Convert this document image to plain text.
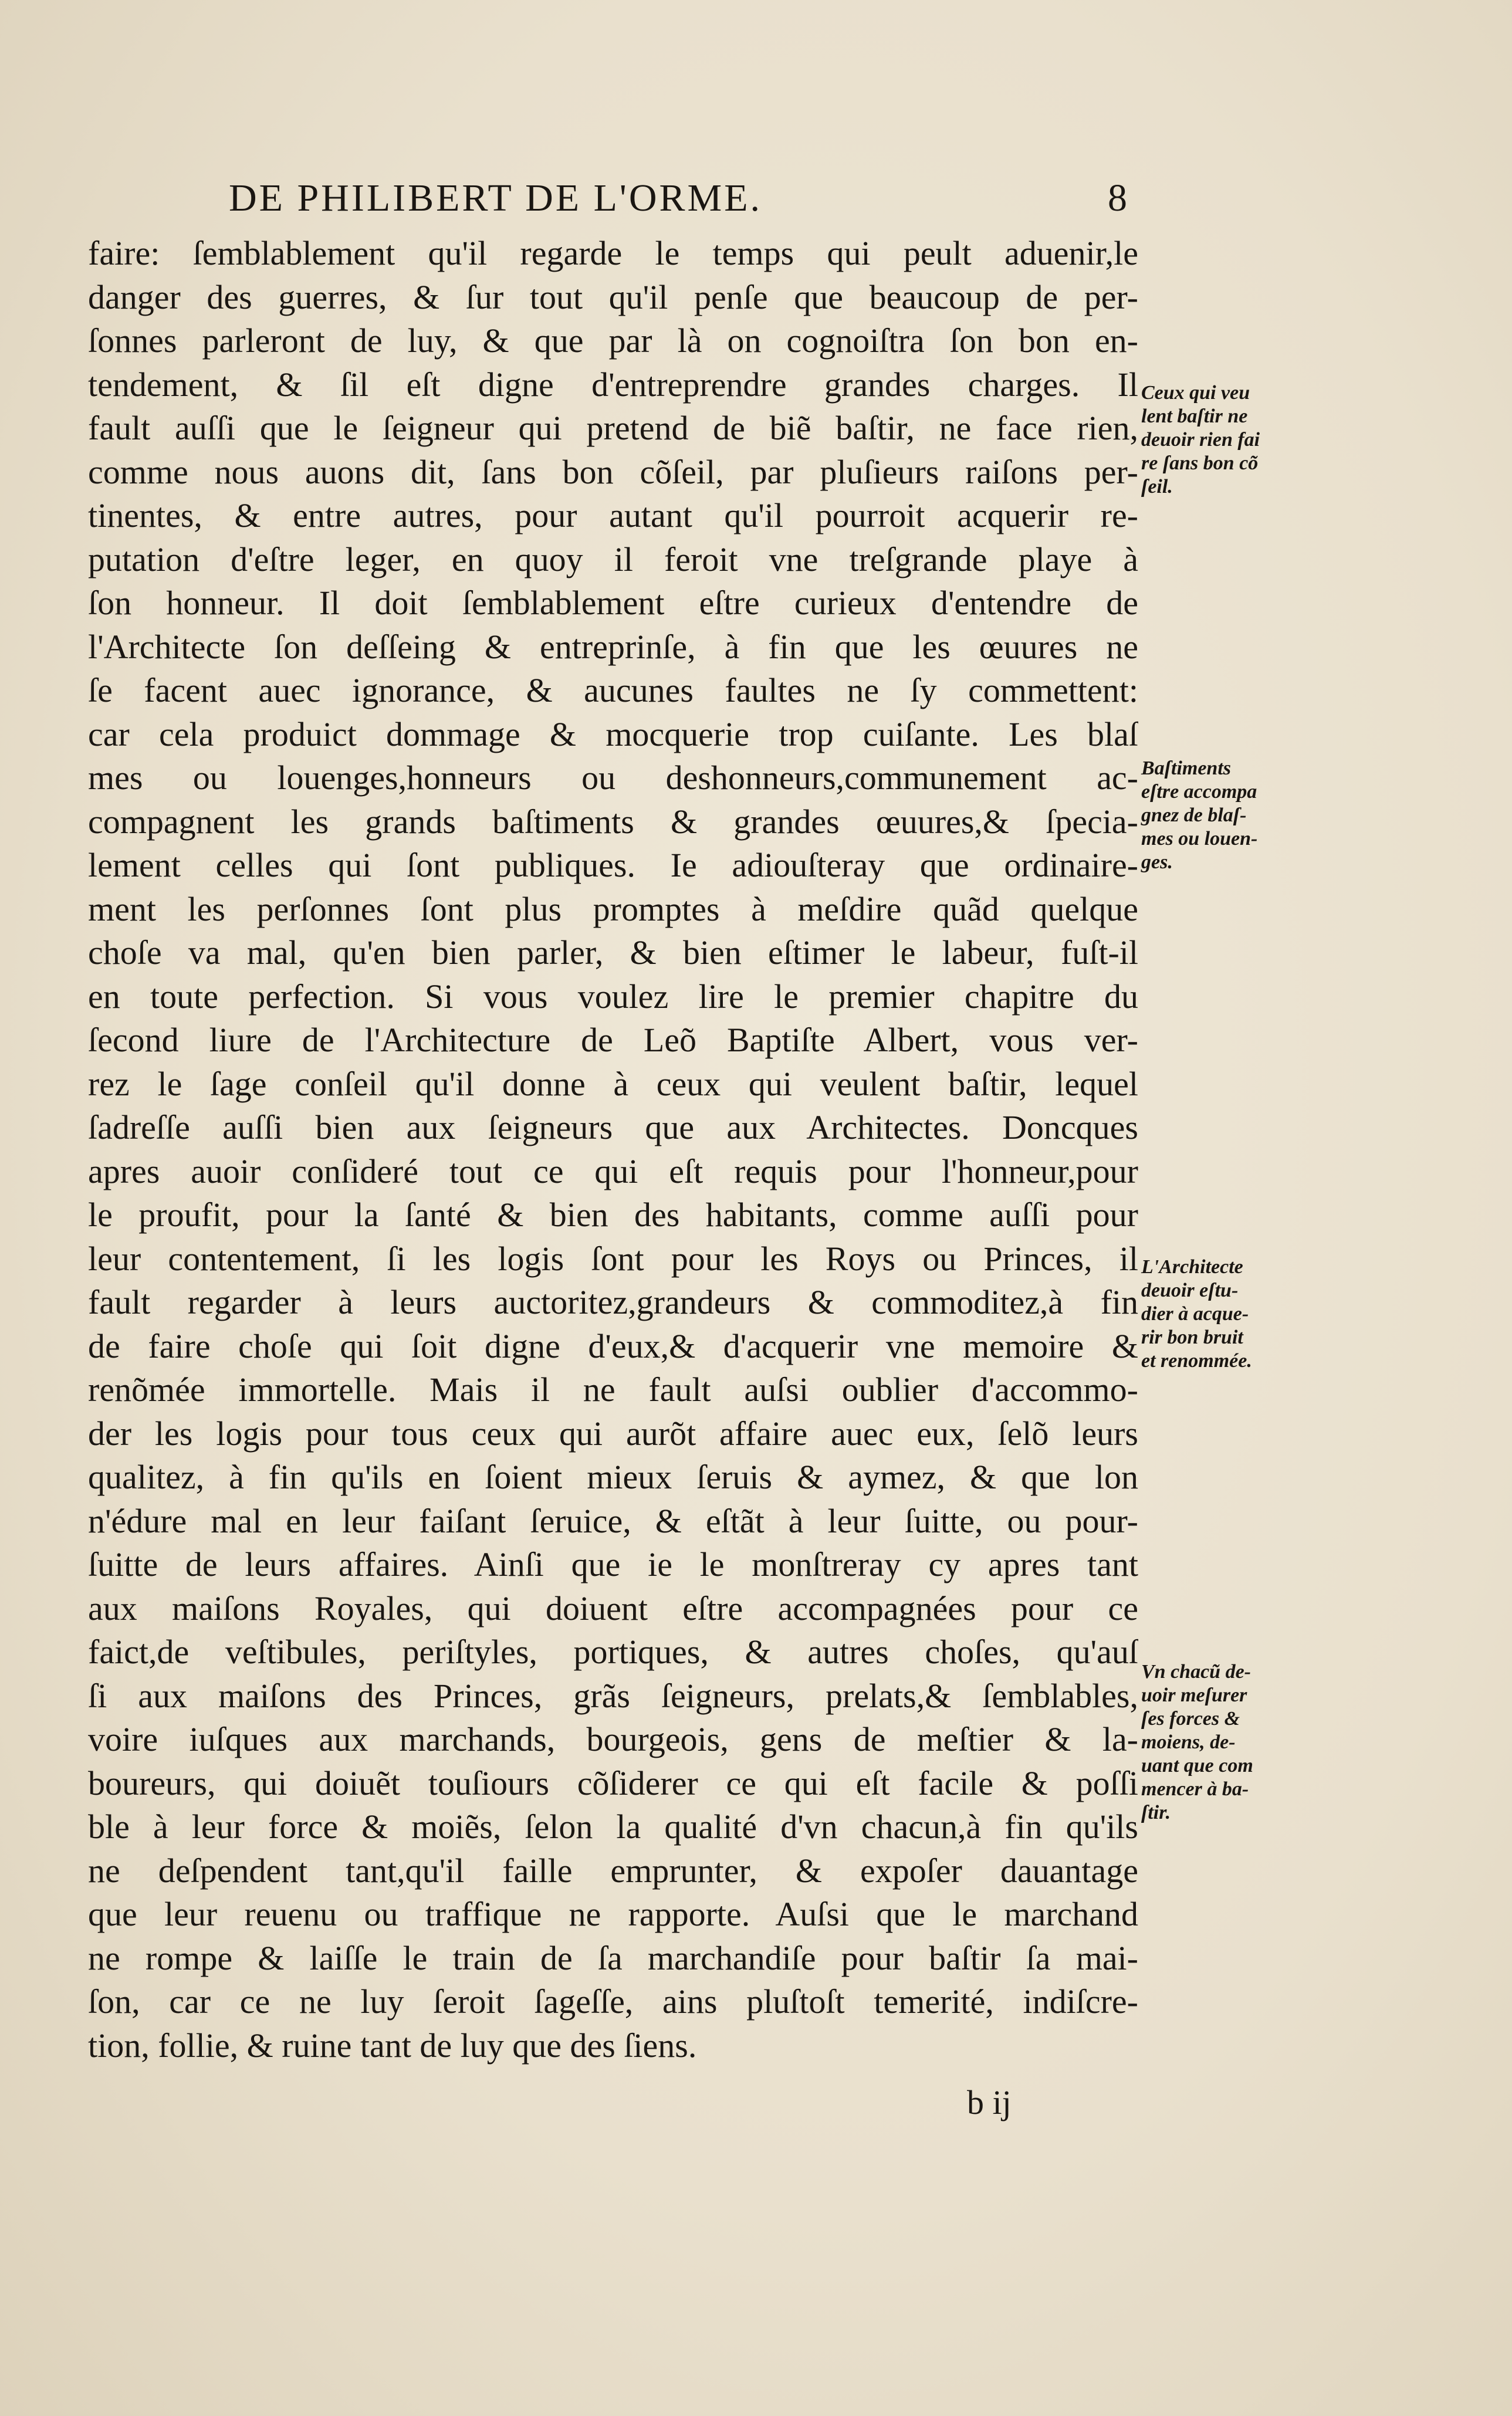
DE PHILIBERT DE L'ORME.	8
faire: ſemblablement qu'il regarde le temps qui peult aduenir,le
danger des guerres, & ſur tout qu'il penſe que beaucoup de per-
ſonnes parleront de luy, & que par là on cognoiſtra ſon bon en-
tendement, & ſil eſt digne d'entreprendre grandes charges. Il
fault auſſi que le ſeigneur qui pretend de biẽ baſtir, ne face rien,
comme nous auons dit, ſans bon cõſeil, par pluſieurs raiſons per-
tinentes, & entre autres, pour autant qu'il pourroit acquerir re-
putation d'eſtre leger, en quoy il feroit vne treſgrande playe à
ſon honneur. Il doit ſemblablement eſtre curieux d'entendre de
l'Architecte ſon deſſeing & entreprinſe, à fin que les œuures ne
ſe facent auec ignorance, & aucunes faultes ne ſy commettent:
car cela produict dommage & mocquerie trop cuiſante. Les blaſ
mes ou louenges,honneurs ou deshonneurs,communement ac-
compagnent les grands baſtiments & grandes œuures,& ſpecia-
lement celles qui ſont publiques. Ie adiouſteray que ordinaire-
ment les perſonnes ſont plus promptes à meſdire quãd quelque
choſe va mal, qu'en bien parler, & bien eſtimer le labeur, fuſt-il
en toute perfection. Si vous voulez lire le premier chapitre du
ſecond liure de l'Architecture de Leõ Baptiſte Albert, vous ver-
rez le ſage conſeil qu'il donne à ceux qui veulent baſtir, lequel
ſadreſſe auſſi bien aux ſeigneurs que aux Architectes. Doncques
apres auoir conſideré tout ce qui eſt requis pour l'honneur,pour
le proufit, pour la ſanté & bien des habitants, comme auſſi pour
leur contentement, ſi les logis ſont pour les Roys ou Princes, il
fault regarder à leurs auctoritez,grandeurs & commoditez,à fin
de faire choſe qui ſoit digne d'eux,& d'acquerir vne memoire &
renõmée immortelle. Mais il ne fault auſsi oublier d'accommo-
der les logis pour tous ceux qui aurõt affaire auec eux, ſelõ leurs
qualitez, à fin qu'ils en ſoient mieux ſeruis & aymez, & que lon
n'édure mal en leur faiſant ſeruice, & eſtãt à leur ſuitte, ou pour-
ſuitte de leurs affaires. Ainſi que ie le monſtreray cy apres tant
aux maiſons Royales, qui doiuent eſtre accompagnées pour ce
faict,de veſtibules, periſtyles, portiques, & autres choſes, qu'auſ
ſi aux maiſons des Princes, grãs ſeigneurs, prelats,& ſemblables,
voire iuſques aux marchands, bourgeois, gens de meſtier & la-
boureurs, qui doiuẽt touſiours cõſiderer ce qui eſt facile & poſſi
ble à leur force & moiẽs, ſelon la qualité d'vn chacun,à fin qu'ils
ne deſpendent tant,qu'il faille emprunter, & expoſer dauantage
que leur reuenu ou traffique ne rapporte. Auſsi que le marchand
ne rompe & laiſſe le train de ſa marchandiſe pour baſtir ſa mai-
ſon, car ce ne luy ſeroit ſageſſe, ains pluſtoſt temerité, indiſcre-
tion, follie, & ruine tant de luy que des ſiens.
Ceux qui veu
lent baſtir ne
deuoir rien fai
re ſans bon cõ
ſeil.
Baſtiments
eſtre accompa
gnez de blaſ-
mes ou louen-
ges.
L'Architecte
deuoir eſtu-
dier à acque-
rir bon bruit
et renommée.
Vn chacũ de-
uoir meſurer
ſes forces &
moiens, de-
uant que com
mencer à ba-
ſtir.
b ij
